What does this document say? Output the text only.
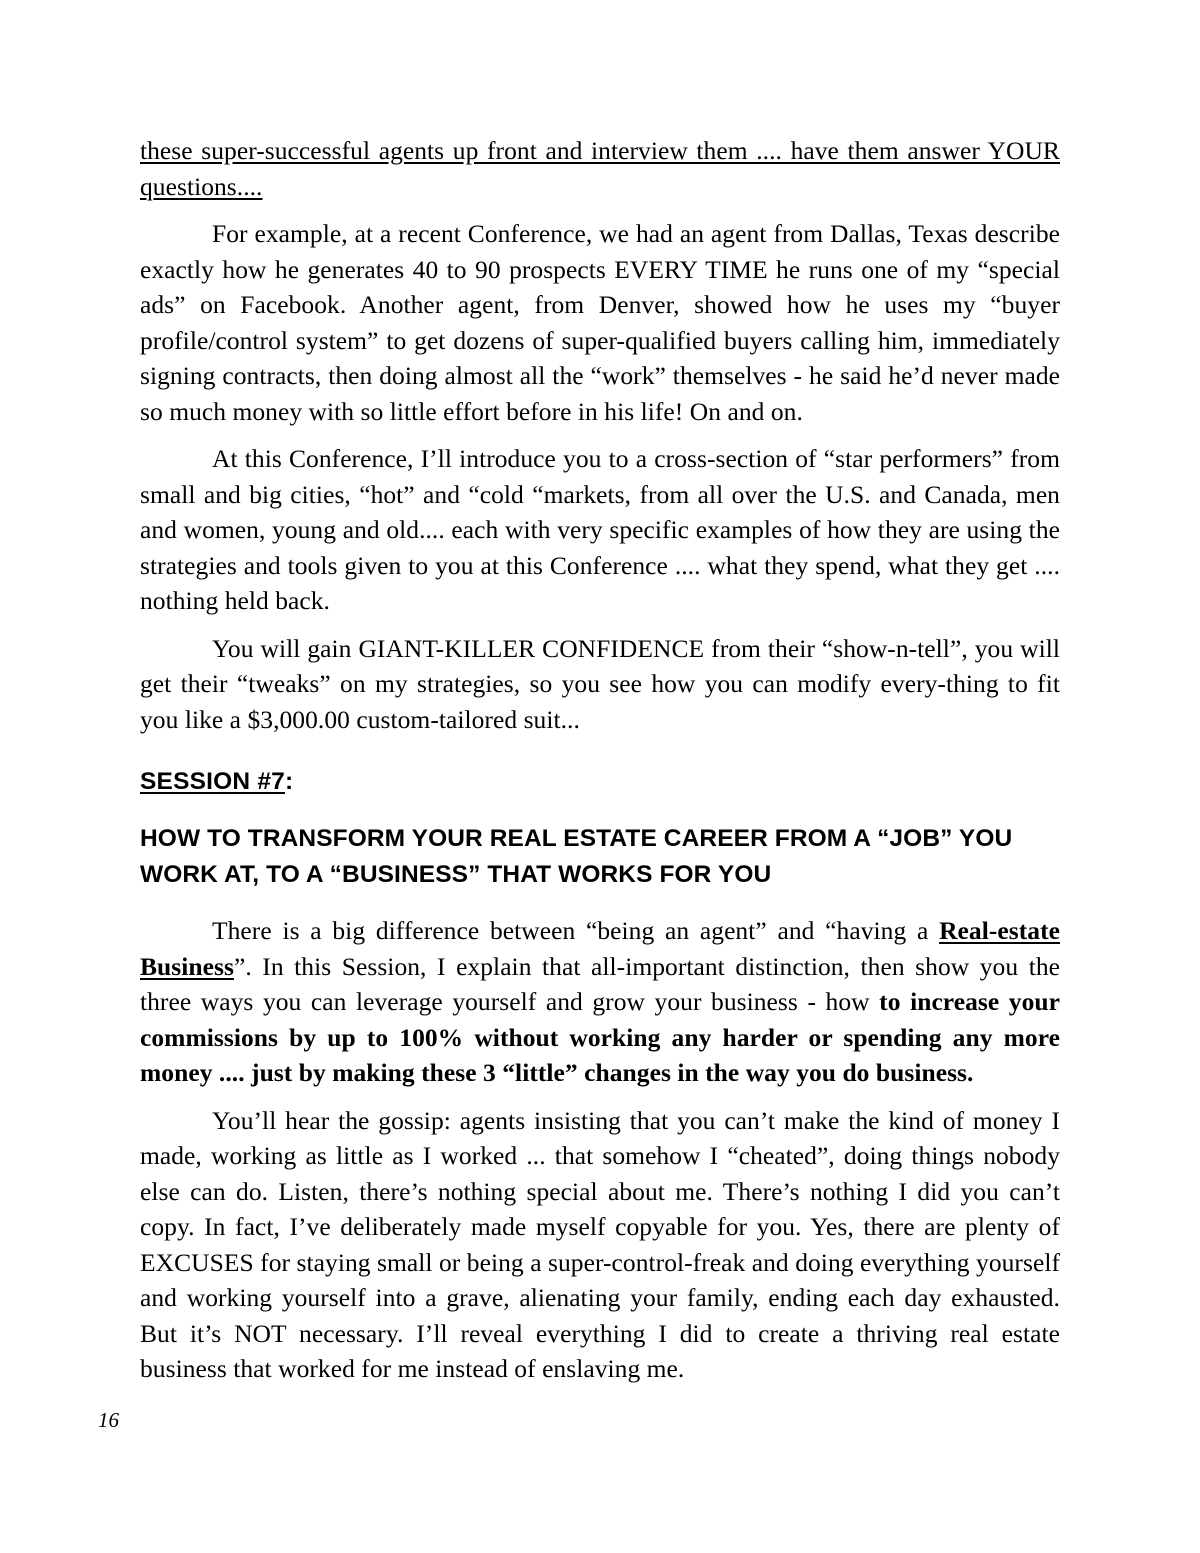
these super-successful agents up front and interview them .... have them answer YOUR questions....

For example, at a recent Conference, we had an agent from Dallas, Texas describe exactly how he generates 40 to 90 prospects EVERY TIME he runs one of my “special ads” on Facebook. Another agent, from Denver, showed how he uses my “buyer profile/control system” to get dozens of super-qualified buyers calling him, immediately signing contracts, then doing almost all the “work” themselves - he said he’d never made so much money with so little effort before in his life! On and on.

At this Conference, I’ll introduce you to a cross-section of “star performers” from small and big cities, “hot” and “cold “markets, from all over the U.S. and Canada, men and women, young and old.... each with very specific examples of how they are using the strategies and tools given to you at this Conference .... what they spend, what they get .... nothing held back.

You will gain GIANT-KILLER CONFIDENCE from their “show-n-tell”, you will get their “tweaks” on my strategies, so you see how you can modify every-thing to fit you like a $3,000.00 custom-tailored suit...

SESSION #7:
HOW TO TRANSFORM YOUR REAL ESTATE CAREER FROM A “JOB” YOU WORK AT, TO A “BUSINESS” THAT WORKS FOR YOU

There is a big difference between “being an agent” and “having a Real-estate Business”. In this Session, I explain that all-important distinction, then show you the three ways you can leverage yourself and grow your business - how to increase your commissions by up to 100% without working any harder or spending any more money .... just by making these 3 “little” changes in the way you do business.

You’ll hear the gossip: agents insisting that you can’t make the kind of money I made, working as little as I worked ... that somehow I “cheated”, doing things nobody else can do. Listen, there’s nothing special about me. There’s nothing I did you can’t copy. In fact, I’ve deliberately made myself copyable for you. Yes, there are plenty of EXCUSES for staying small or being a super-control-freak and doing everything yourself and working yourself into a grave, alienating your family, ending each day exhausted. But it’s NOT necessary. I’ll reveal everything I did to create a thriving real estate business that worked for me instead of enslaving me.

16
